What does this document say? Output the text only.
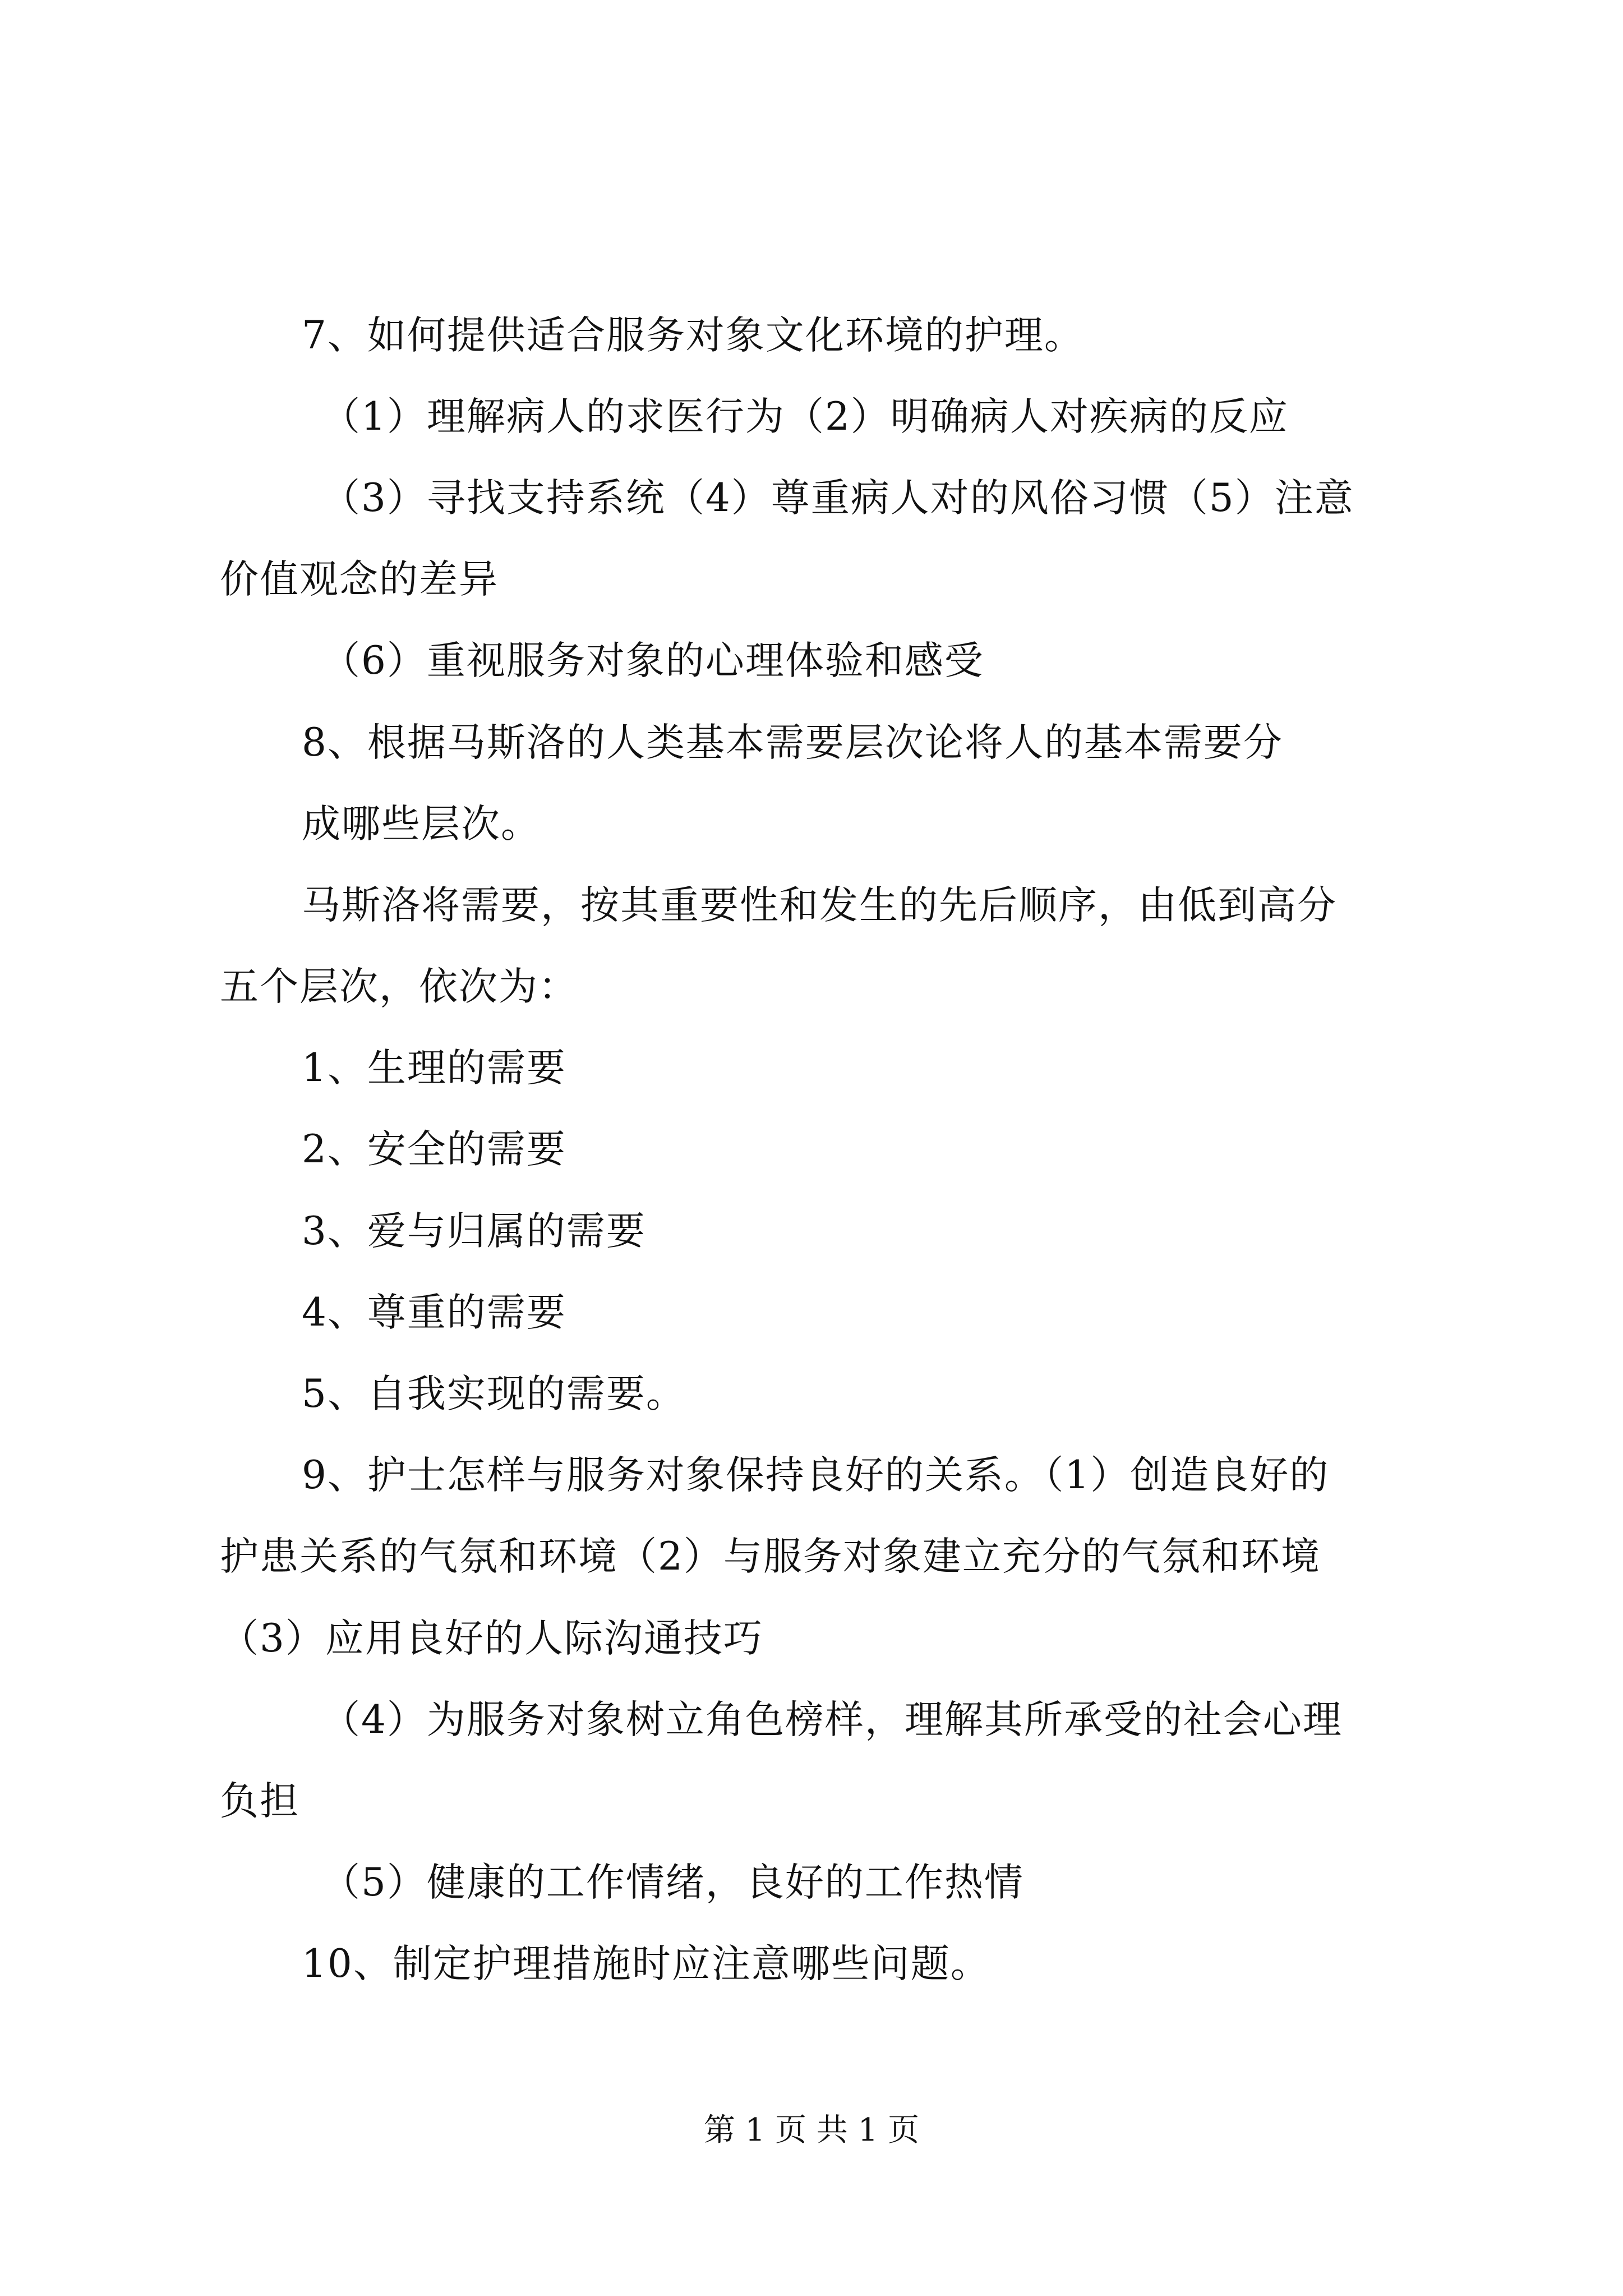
7、如何提供适合服务对象文化环境的护理。
（1）理解病人的求医行为（2）明确病人对疾病的反应
（3）寻找支持系统（4）尊重病人对的风俗习惯（5）注意
价值观念的差异
（6）重视服务对象的心理体验和感受
8、根据马斯洛的人类基本需要层次论将人的基本需要分
成哪些层次。
马斯洛将需要，按其重要性和发生的先后顺序，由低到高分
五个层次，依次为：
1、生理的需要
2、安全的需要
3、爱与归属的需要
4、尊重的需要
5、自我实现的需要。
9、护士怎样与服务对象保持良好的关系。（1）创造良好的
护患关系的气氛和环境（2）与服务对象建立充分的气氛和环境
（3）应用良好的人际沟通技巧
（4）为服务对象树立角色榜样，理解其所承受的社会心理
负担
（5）健康的工作情绪，良好的工作热情
10、制定护理措施时应注意哪些问题。
第 1 页 共 1 页
